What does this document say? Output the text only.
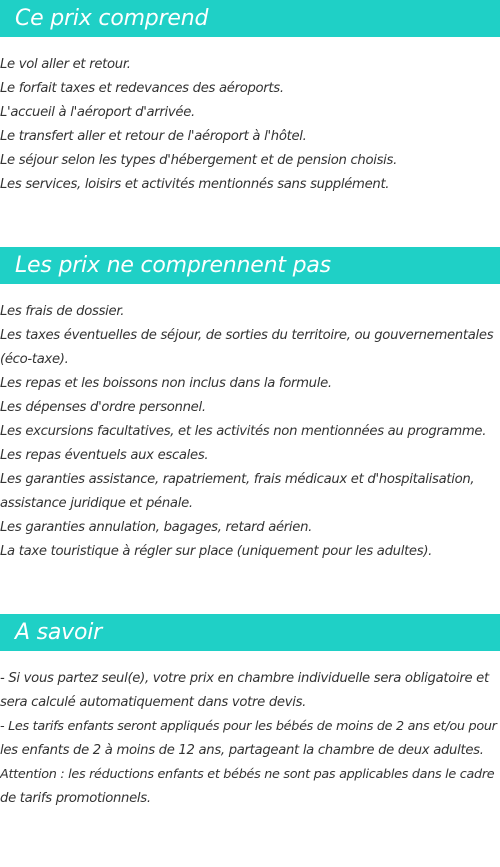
Ce prix comprend

Le vol aller et retour.

Le forfait taxes et redevances des aéroports.

L'accueil à l'aéroport d'arrivée.

Le transfert aller et retour de l'aéroport à l'hôtel.

Le séjour selon les types d'hébergement et de pension choisis.

Les services, loisirs et activités mentionnés sans supplément.

Les prix ne comprennent pas

Les frais de dossier.

Les taxes éventuelles de séjour, de sorties du territoire, ou gouvernementales

(éco-taxe).

Les repas et les boissons non inclus dans la formule.

Les dépenses d'ordre personnel.

Les excursions facultatives, et les activités non mentionnées au programme.

Les repas éventuels aux escales.

Les garanties assistance, rapatriement, frais médicaux et d'hospitalisation,

assistance juridique et pénale.

Les garanties annulation, bagages, retard aérien.

La taxe touristique à régler sur place (uniquement pour les adultes).

A savoir

- Si vous partez seul(e), votre prix en chambre individuelle sera obligatoire et

sera calculé automatiquement dans votre devis.

- Les tarifs enfants seront appliqués pour les bébés de moins de 2 ans et/ou pour

les enfants de 2 à moins de 12 ans, partageant la chambre de deux adultes.

Attention : les réductions enfants et bébés ne sont pas applicables dans le cadre

de tarifs promotionnels.
